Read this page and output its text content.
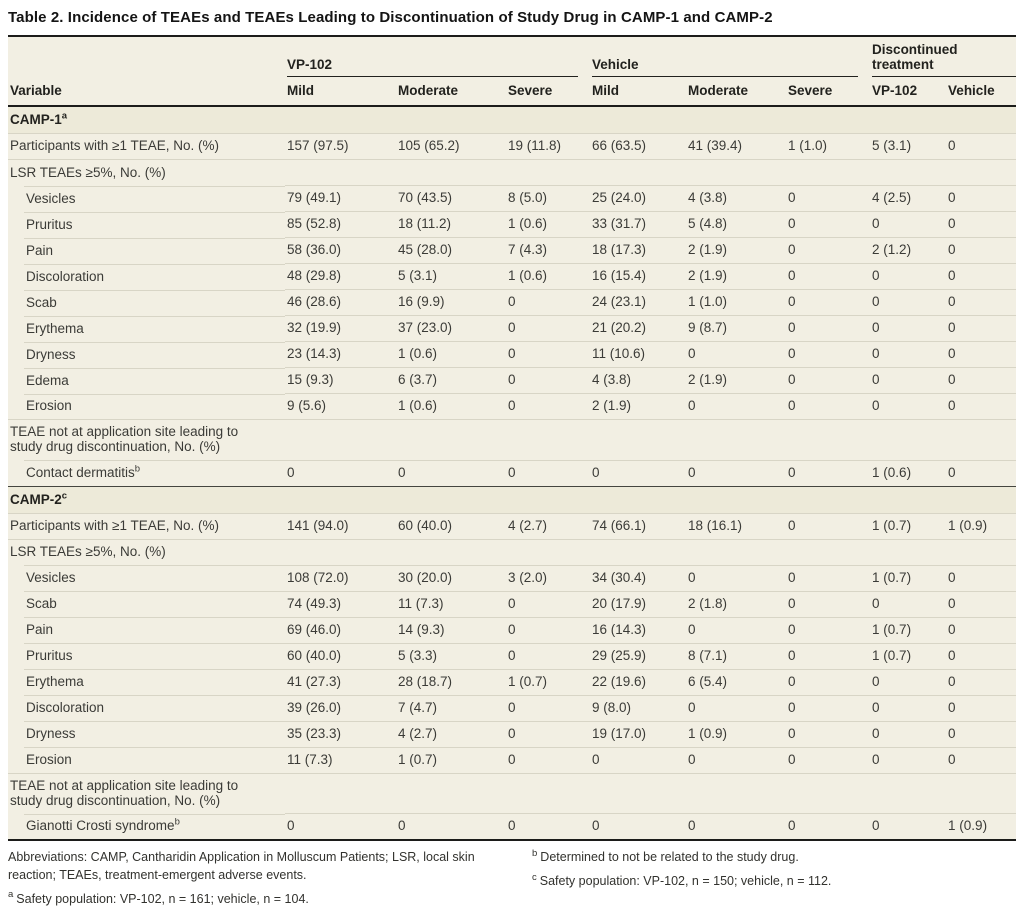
Table 2. Incidence of TEAEs and TEAEs Leading to Discontinuation of Study Drug in CAMP-1 and CAMP-2

	VP-102			Vehicle			Discontinued treatment	

Variable	Mild	Moderate	Severe	Mild	Moderate	Severe	VP-102	Vehicle
CAMP-1$^a$
Participants with ≥1 TEAE, No. (%)	157 (97.5)	105 (65.2)	19 (11.8)	66 (63.5)	41 (39.4)	1 (1.0)	5 (3.1)	0
LSR TEAEs ≥5%, No. (%)								
Vesicles	79 (49.1)	70 (43.5)	8 (5.0)	25 (24.0)	4 (3.8)	0	4 (2.5)	0
Pruritus	85 (52.8)	18 (11.2)	1 (0.6)	33 (31.7)	5 (4.8)	0	0	0
Pain	58 (36.0)	45 (28.0)	7 (4.3)	18 (17.3)	2 (1.9)	0	2 (1.2)	0
Discoloration	48 (29.8)	5 (3.1)	1 (0.6)	16 (15.4)	2 (1.9)	0	0	0
Scab	46 (28.6)	16 (9.9)	0	24 (23.1)	1 (1.0)	0	0	0
Erythema	32 (19.9)	37 (23.0)	0	21 (20.2)	9 (8.7)	0	0	0
Dryness	23 (14.3)	1 (0.6)	0	11 (10.6)	0	0	0	0
Edema	15 (9.3)	6 (3.7)	0	4 (3.8)	2 (1.9)	0	0	0
Erosion	9 (5.6)	1 (0.6)	0	2 (1.9)	0	0	0	0
TEAE not at application site leading to study drug discontinuation, No. (%)								
Contact dermatitis$^b$	0	0	0	0	0	0	1 (0.6)	0
CAMP-2$^c$
Participants with ≥1 TEAE, No. (%)	141 (94.0)	60 (40.0)	4 (2.7)	74 (66.1)	18 (16.1)	0	1 (0.7)	1 (0.9)
LSR TEAEs ≥5%, No. (%)								
Vesicles	108 (72.0)	30 (20.0)	3 (2.0)	34 (30.4)	0	0	1 (0.7)	0
Scab	74 (49.3)	11 (7.3)	0	20 (17.9)	2 (1.8)	0	0	0
Pain	69 (46.0)	14 (9.3)	0	16 (14.3)	0	0	1 (0.7)	0
Pruritus	60 (40.0)	5 (3.3)	0	29 (25.9)	8 (7.1)	0	1 (0.7)	0
Erythema	41 (27.3)	28 (18.7)	1 (0.7)	22 (19.6)	6 (5.4)	0	0	0
Discoloration	39 (26.0)	7 (4.7)	0	9 (8.0)	0	0	0	0
Dryness	35 (23.3)	4 (2.7)	0	19 (17.0)	1 (0.9)	0	0	0
Erosion	11 (7.3)	1 (0.7)	0	0	0	0	0	0
TEAE not at application site leading to study drug discontinuation, No. (%)								
Gianotti Crosti syndrome$^b$	0	0	0	0	0	0	0	1 (0.9)

Abbreviations: CAMP, Cantharidin Application in Molluscum Patients; LSR, local skin reaction; TEAEs, treatment-emergent adverse events.

$^a$ Safety population: VP-102, n = 161; vehicle, n = 104.

$^b$ Determined to not be related to the study drug.

$^c$ Safety population: VP-102, n = 150; vehicle, n = 112.
